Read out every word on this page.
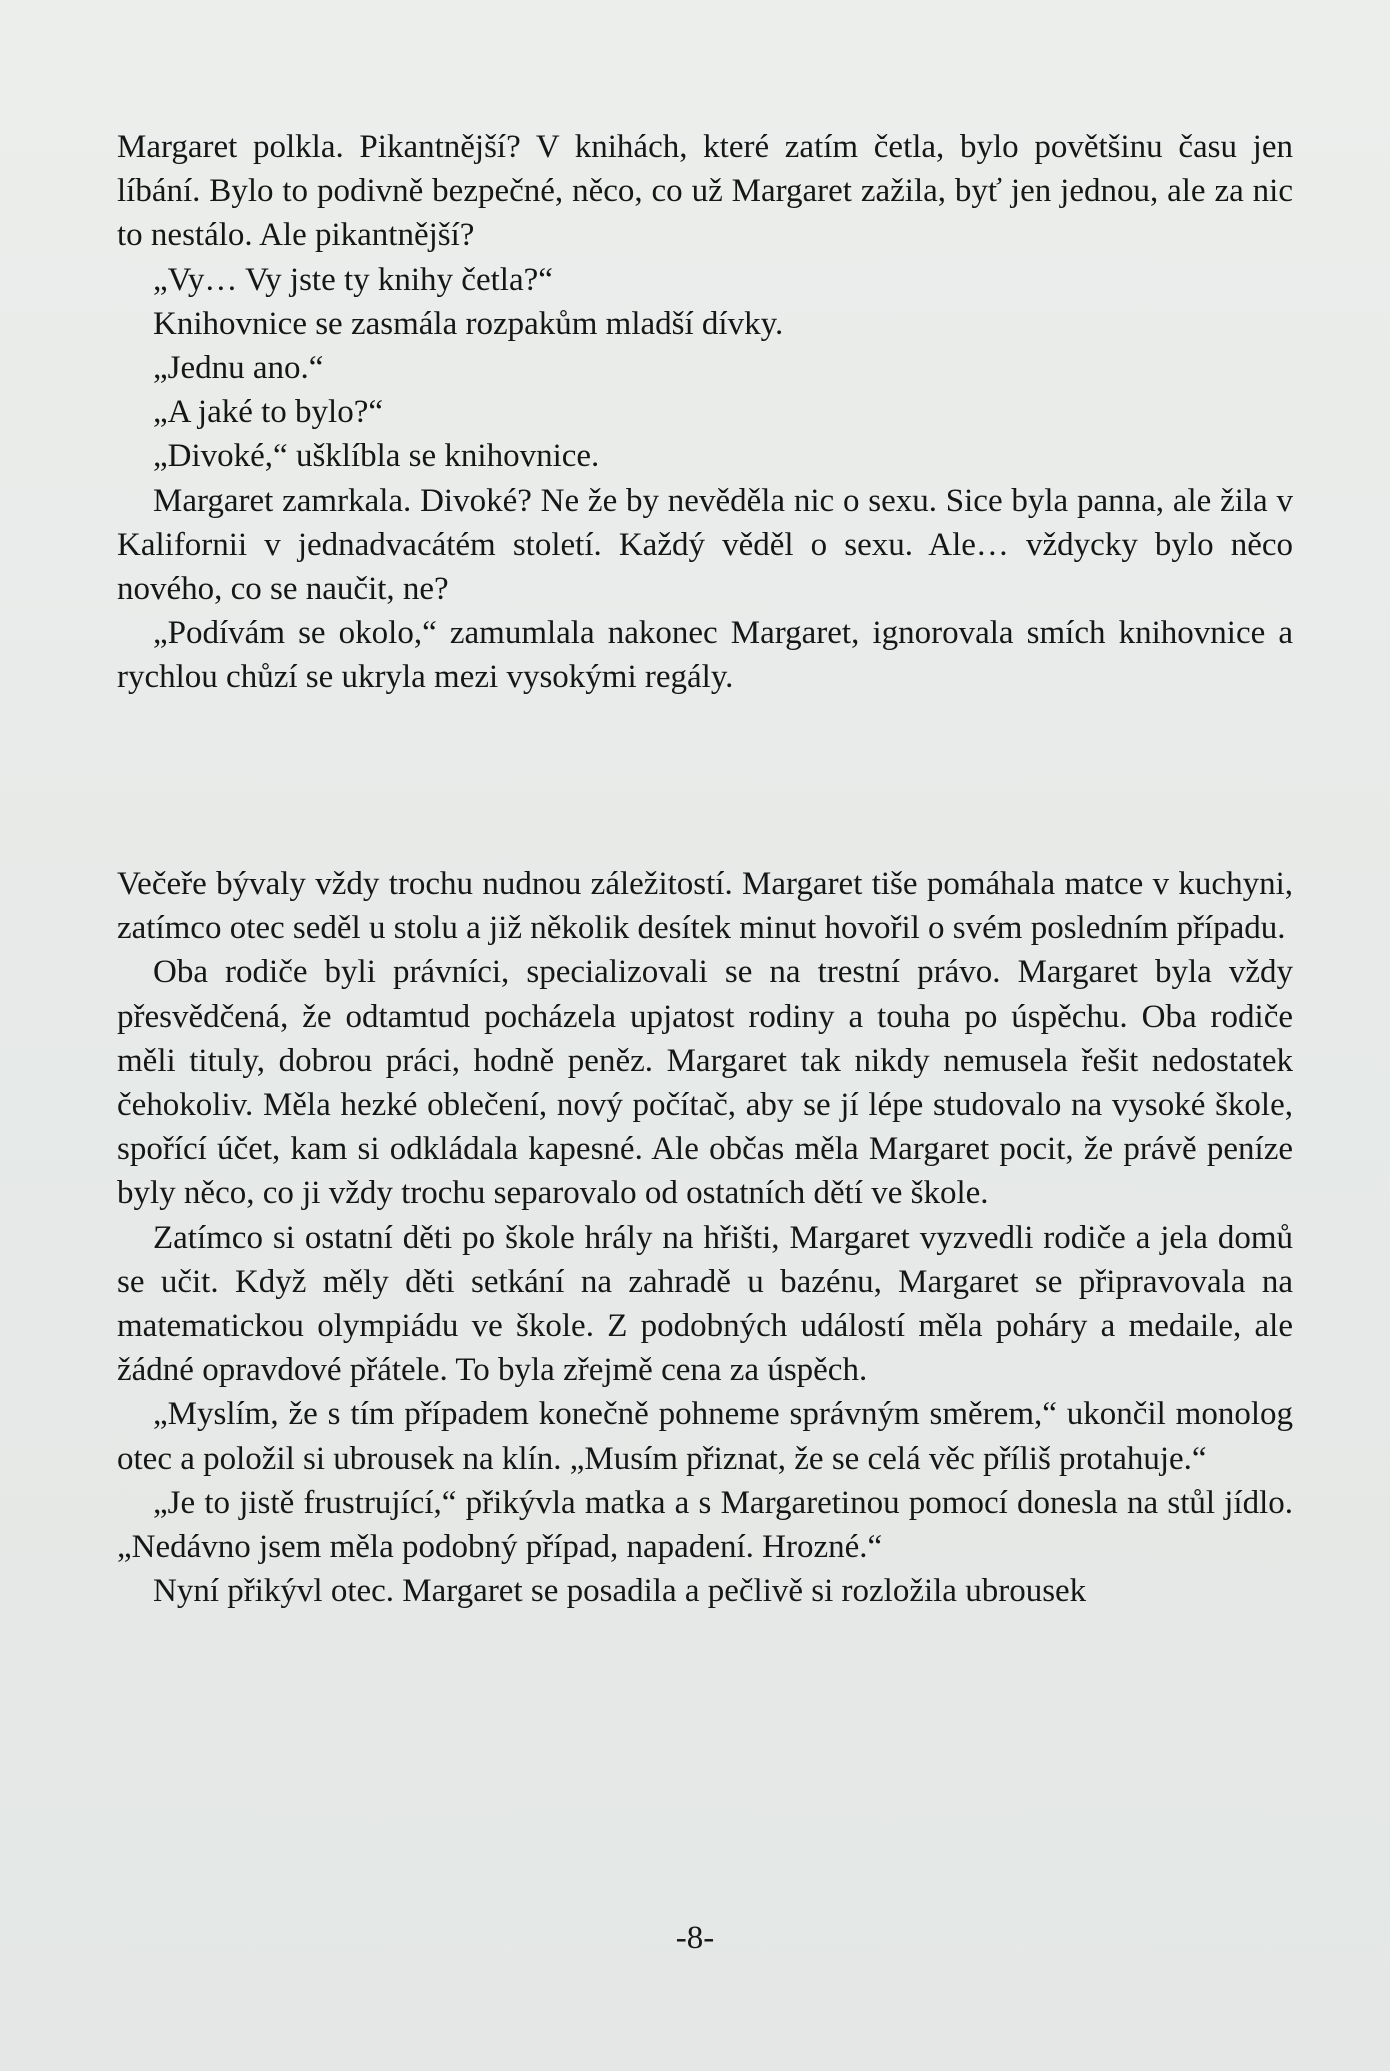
Margaret polkla. Pikantnější? V knihách, které zatím četla, bylo povětšinu času jen líbání. Bylo to podivně bezpečné, něco, co už Margaret zažila, byť jen jednou, ale za nic to nestálo. Ale pikantnější?

„Vy… Vy jste ty knihy četla?“

Knihovnice se zasmála rozpakům mladší dívky.

„Jednu ano.“

„A jaké to bylo?“

„Divoké,“ ušklíbla se knihovnice.

Margaret zamrkala. Divoké? Ne že by nevěděla nic o sexu. Sice byla panna, ale žila v Kalifornii v jednadvacátém století. Každý věděl o sexu. Ale… vždycky bylo něco nového, co se naučit, ne?

„Podívám se okolo,“ zamumlala nakonec Margaret, ignorovala smích knihovnice a rychlou chůzí se ukryla mezi vysokými regály.

Večeře bývaly vždy trochu nudnou záležitostí. Margaret tiše pomáhala matce v kuchyni, zatímco otec seděl u stolu a již několik desítek minut hovořil o svém posledním případu.

Oba rodiče byli právníci, specializovali se na trestní právo. Margaret byla vždy přesvědčená, že odtamtud pocházela upjatost rodiny a touha po úspěchu. Oba rodiče měli tituly, dobrou práci, hodně peněz. Margaret tak nikdy nemusela řešit nedostatek čehokoliv. Měla hezké oblečení, nový počítač, aby se jí lépe studovalo na vysoké škole, spořící účet, kam si odkládala kapesné. Ale občas měla Margaret pocit, že právě peníze byly něco, co ji vždy trochu separovalo od ostatních dětí ve škole.

Zatímco si ostatní děti po škole hrály na hřišti, Margaret vyzvedli rodiče a jela domů se učit. Když měly děti setkání na zahradě u bazénu, Margaret se připravovala na matematickou olympiádu ve škole. Z podobných událostí měla poháry a medaile, ale žádné opravdové přátele. To byla zřejmě cena za úspěch.

„Myslím, že s tím případem konečně pohneme správným směrem,“ ukončil monolog otec a položil si ubrousek na klín. „Musím přiznat, že se celá věc příliš protahuje.“

„Je to jistě frustrující,“ přikývla matka a s Margaretinou pomocí donesla na stůl jídlo. „Nedávno jsem měla podobný případ, napadení. Hrozné.“

Nyní přikývl otec. Margaret se posadila a pečlivě si rozložila ubrousek

-8-
